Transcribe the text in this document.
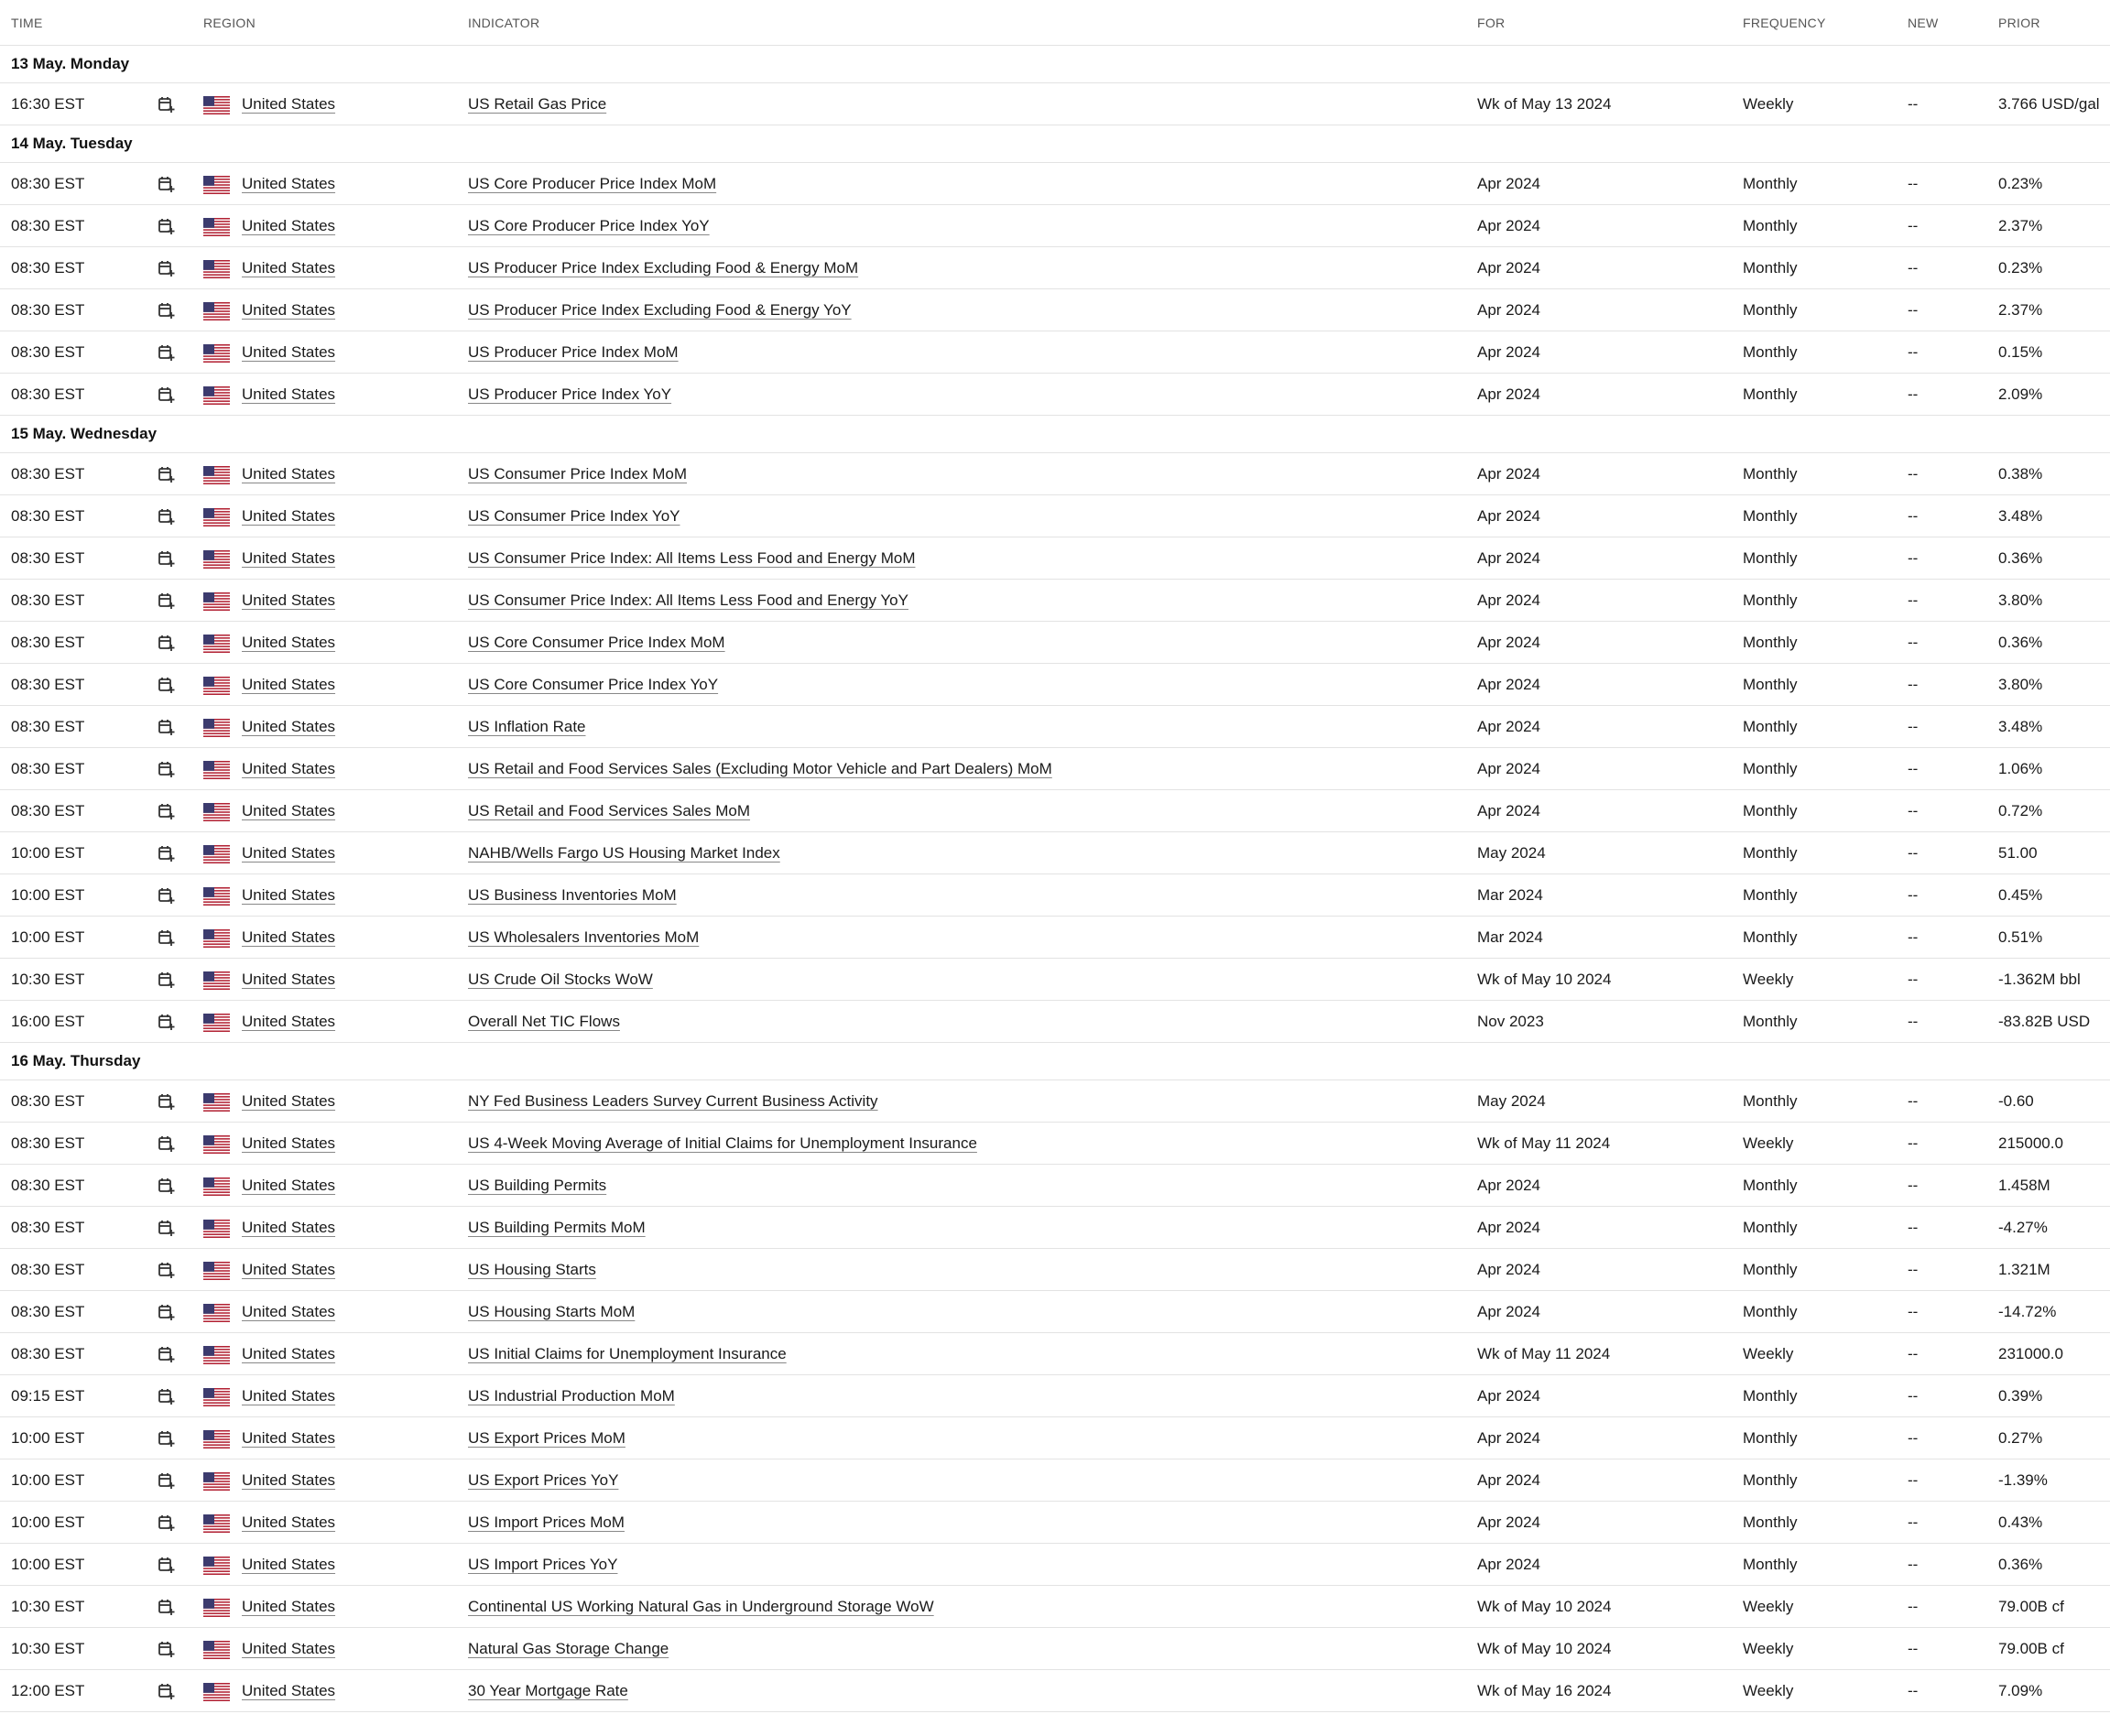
TIME	REGION	INDICATOR	FOR	FREQUENCY	NEW	PRIOR
13 May. Monday
16:30 EST	United States	US Retail Gas Price	Wk of May 13 2024	Weekly	--	3.766 USD/gal
14 May. Tuesday
08:30 EST	United States	US Core Producer Price Index MoM	Apr 2024	Monthly	--	0.23%
08:30 EST	United States	US Core Producer Price Index YoY	Apr 2024	Monthly	--	2.37%
08:30 EST	United States	US Producer Price Index Excluding Food & Energy MoM	Apr 2024	Monthly	--	0.23%
08:30 EST	United States	US Producer Price Index Excluding Food & Energy YoY	Apr 2024	Monthly	--	2.37%
08:30 EST	United States	US Producer Price Index MoM	Apr 2024	Monthly	--	0.15%
08:30 EST	United States	US Producer Price Index YoY	Apr 2024	Monthly	--	2.09%
15 May. Wednesday
08:30 EST	United States	US Consumer Price Index MoM	Apr 2024	Monthly	--	0.38%
08:30 EST	United States	US Consumer Price Index YoY	Apr 2024	Monthly	--	3.48%
08:30 EST	United States	US Consumer Price Index: All Items Less Food and Energy MoM	Apr 2024	Monthly	--	0.36%
08:30 EST	United States	US Consumer Price Index: All Items Less Food and Energy YoY	Apr 2024	Monthly	--	3.80%
08:30 EST	United States	US Core Consumer Price Index MoM	Apr 2024	Monthly	--	0.36%
08:30 EST	United States	US Core Consumer Price Index YoY	Apr 2024	Monthly	--	3.80%
08:30 EST	United States	US Inflation Rate	Apr 2024	Monthly	--	3.48%
08:30 EST	United States	US Retail and Food Services Sales (Excluding Motor Vehicle and Part Dealers) MoM	Apr 2024	Monthly	--	1.06%
08:30 EST	United States	US Retail and Food Services Sales MoM	Apr 2024	Monthly	--	0.72%
10:00 EST	United States	NAHB/Wells Fargo US Housing Market Index	May 2024	Monthly	--	51.00
10:00 EST	United States	US Business Inventories MoM	Mar 2024	Monthly	--	0.45%
10:00 EST	United States	US Wholesalers Inventories MoM	Mar 2024	Monthly	--	0.51%
10:30 EST	United States	US Crude Oil Stocks WoW	Wk of May 10 2024	Weekly	--	-1.362M bbl
16:00 EST	United States	Overall Net TIC Flows	Nov 2023	Monthly	--	-83.82B USD
16 May. Thursday
08:30 EST	United States	NY Fed Business Leaders Survey Current Business Activity	May 2024	Monthly	--	-0.60
08:30 EST	United States	US 4-Week Moving Average of Initial Claims for Unemployment Insurance	Wk of May 11 2024	Weekly	--	215000.0
08:30 EST	United States	US Building Permits	Apr 2024	Monthly	--	1.458M
08:30 EST	United States	US Building Permits MoM	Apr 2024	Monthly	--	-4.27%
08:30 EST	United States	US Housing Starts	Apr 2024	Monthly	--	1.321M
08:30 EST	United States	US Housing Starts MoM	Apr 2024	Monthly	--	-14.72%
08:30 EST	United States	US Initial Claims for Unemployment Insurance	Wk of May 11 2024	Weekly	--	231000.0
09:15 EST	United States	US Industrial Production MoM	Apr 2024	Monthly	--	0.39%
10:00 EST	United States	US Export Prices MoM	Apr 2024	Monthly	--	0.27%
10:00 EST	United States	US Export Prices YoY	Apr 2024	Monthly	--	-1.39%
10:00 EST	United States	US Import Prices MoM	Apr 2024	Monthly	--	0.43%
10:00 EST	United States	US Import Prices YoY	Apr 2024	Monthly	--	0.36%
10:30 EST	United States	Continental US Working Natural Gas in Underground Storage WoW	Wk of May 10 2024	Weekly	--	79.00B cf
10:30 EST	United States	Natural Gas Storage Change	Wk of May 10 2024	Weekly	--	79.00B cf
12:00 EST	United States	30 Year Mortgage Rate	Wk of May 16 2024	Weekly	--	7.09%
